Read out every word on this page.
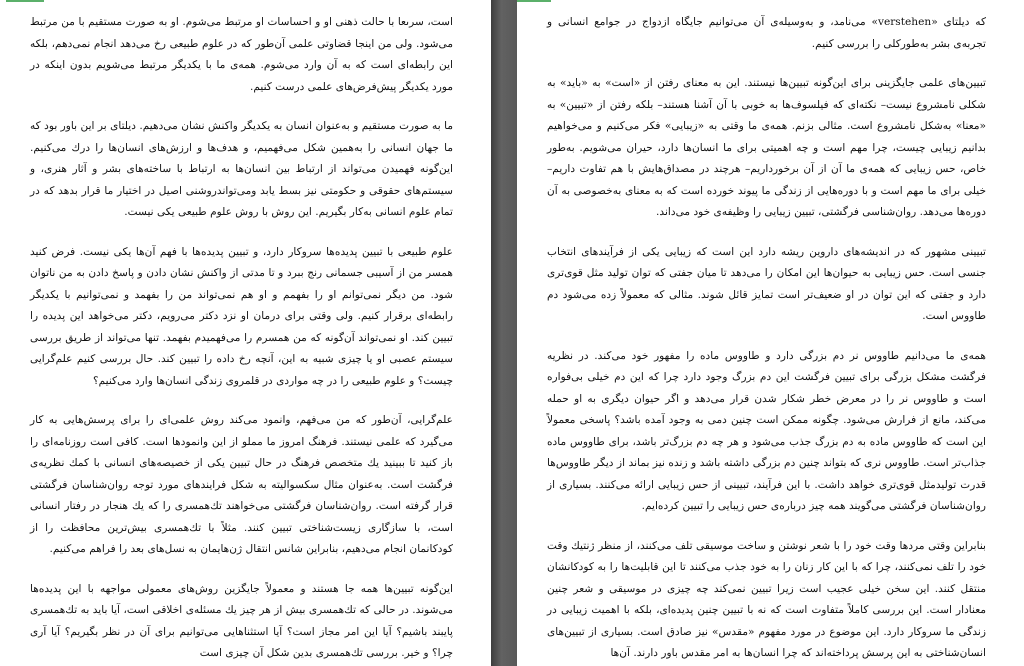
است، سرىعا با حالت ذهنى او و احساسات او مرتبط مى‌شوم. او به صورت مستقيم با من مرتبط مى‌شود. ولى من اينجا قضاوتى علمى آن‌طور كه در علوم طبيعى رخ مى‌دهد انجام نمى‌دهم، بلكه اين رابطه‌اى است كه به آن وارد مى‌شوم. همه‌ى ما با يكديگر مرتبط مى‌شويم بدون اينكه در مورد يكديگر پيش‌فرض‌هاى علمى درست كنيم.

ما به صورت مستقيم و به‌عنوان انسان به يكديگر واكنش نشان مى‌دهيم. دیلتای بر این باور بود كه ما جهان انسانى را به‌همين شكل مى‌فهميم، و هدف‌ها و ارزش‌هاى انسان‌ها را درك مى‌كنيم. اين‌گونه فهميدن مى‌تواند از ارتباط بين انسان‌ها به ارتباط با ساخته‌هاى بشر و آثار هنرى، و سيستم‌هاى حقوقى و حكومتى نيز بسط يابد ومى‌تواندروشنى اصيل در اختيار ما قرار بدهد كه در تمام علوم انسانى به‌كار بگيريم. اين روش با روش علوم طبيعى يكى نيست.

علوم طبيعى با تبيين پديده‌ها سروكار دارد، و تبيين پديده‌ها با فهم آن‌ها يكى نيست. فرض كنيد همسر من از آسيبى جسمانى رنج ببرد و تا مدتى از واكنش نشان دادن و پاسخ دادن به من ناتوان شود. من ديگر نمى‌توانم او را بفهمم و او هم نمى‌تواند من را بفهمد و نمى‌توانيم با يكديگر رابطه‌اى برقرار كنيم. ولى وقتى براى درمان او نزد دكتر مى‌رويم، دكتر مى‌خواهد اين پديده را تبيين كند. او نمى‌تواند آن‌گونه كه من همسرم را مى‌فهميدم بفهمد. تنها مى‌تواند از طريق بررسى سيستم عصبى او يا چيزى شبيه به اين، آنچه رخ داده را تبيين كند. حال بررسى كنيم علم‌گرايى چيست؟ و علوم طبيعى را در چه مواردى در قلمروى زندگى انسان‌ها وارد مى‌كنيم؟

علم‌گرايى، آن‌طور كه من مى‌فهم، وانمود مى‌كند روش علمى‌اى را براى پرسش‌هايى به كار مى‌گيرد كه علمى نيستند. فرهنگ امروز ما مملو از اين وانمودها است. كافى است روزنامه‌اى را باز كنيد تا ببينيد يك متخصص فرهنگ در حال تبيين يكى از خصيصه‌هاى انسانى با كمك نظريه‌ى فرگشت است. به‌عنوان مثال سكسواليته به شكل فرايندهاى مورد توجه روان‌شناسان فرگشتى قرار گرفته است. روان‌شناسان فرگشتى مى‌خواهند تك‌همسرى را كه يك هنجار در رفتار انسانى است، با سازگارى زيست‌شناختى تبيين كنند. مثلاً با تك‌همسرى بيش‌ترين محافظت را از كودكانمان انجام مى‌دهيم، بنابراين شانس انتقال ژن‌هايمان به نسل‌هاى بعد را فراهم مى‌كنيم.

اين‌گونه تبيين‌ها همه جا هستند و معمولاً جايگزين روش‌هاى معمولى مواجهه با اين پديده‌ها مى‌شوند. در حالى كه تك‌همسرى بيش از هر چيز يك مسئله‌ى اخلاقى است، آيا بايد به تك‌همسرى پايبند باشيم؟ آيا اين امر مجاز است؟ آيا استثناهايى مى‌توانيم براى آن در نظر بگيريم؟ آيا آرى چرا؟ و خير. بررسى تك‌همسرى بدين شكل آن چيزى است

كه دیلتای «verstehen» مى‌نامد، و به‌وسيله‌ى آن مى‌توانيم جايگاه ازدواج در جوامع انسانى و تجربه‌ى بشر به‌طوركلى را بررسى كنيم.

تبيين‌هاى علمى جايگزينى براى اين‌گونه تبيين‌ها نيستند. اين به معناى رفتن از «است» به «بايد» به شكلى نامشروع نيست– نكته‌اى كه فيلسوف‌ها به خوبى با آن آشنا هستند– بلكه رفتن از «تبيين» به «معنا» به‌شكل نامشروع است. مثالى بزنم. همه‌ى ما وقتى به «زيبايى» فكر مى‌كنيم و مى‌خواهيم بدانيم زيبايى چيست، چرا مهم است و چه اهميتى براى ما انسان‌ها دارد، حيران مى‌شويم. به‌طور خاص، حس زيبايى كه همه‌ى ما آن از آن برخورداريم– هرچند در مصداق‌هايش با هم تفاوت داريم– خيلى براى ما مهم است و با دوره‌هايى از زندگى ما پيوند خورده است كه به معناى به‌خصوصى به آن دوره‌ها مى‌دهد. روان‌شناسى فرگشتى، تبيين زيبايى را وظيفه‌ى خود مى‌داند.

تبيينى مشهور كه در انديشه‌هاى داروين ريشه دارد اين است كه زيبايى يكى از فرآيندهاى انتخاب جنسى است. حس زيبايى به حيوان‌ها اين امكان را مى‌دهد تا ميان جفتى كه توان توليد مثل قوى‌ترى دارد و جفتى كه اين توان در او ضعيف‌تر است تمايز قائل شوند. مثالى كه معمولاً زده مى‌شود دم طاووس است.

همه‌ى ما مى‌دانيم طاووس نر دم بزرگى دارد و طاووس ماده را مفهور خود مى‌كند. در نظريه فرگشت مشكل بزرگى براى تبيين فرگشت اين دم بزرگ وجود دارد چرا كه اين دم خيلى بى‌فواره است و طاووس نر را در معرض خطر شكار شدن قرار مى‌دهد و اگر حيوان ديگرى به او حمله مى‌كند، مانع از فرارش مى‌شود. چگونه ممكن است چنين دمى به وجود آمده باشد؟ پاسخى معمولاً اين است كه طاووس ماده به دم بزرگ جذب مى‌شود و هر چه دم بزرگ‌تر باشد، براى طاووس ماده جذاب‌تر است. طاووس نرى كه بتواند چنين دم بزرگى داشته باشد و زنده نيز بماند از ديگر طاووس‌ها قدرت توليدمثل قوى‌ترى خواهد داشت. با اين فرآيند، تبيينى از حس زيبايى ارائه مى‌كنند. بسيارى از روان‌شناسان فرگشتى مى‌گويند همه چيز درباره‌ى حس زيبايى را تبيين كرده‌ايم.

بنابراين وقتى مردها وقت خود را با شعر نوشتن و ساخت موسيقى تلف مى‌كنند، از منظر ژنتيك وقت خود را تلف نمى‌كنند، چرا كه با اين كار زنان را به خود جذب مى‌كنند تا اين قابليت‌ها را به كودكانشان منتقل كنند. اين سخن خيلى عجيب است زيرا تبيين نمى‌كند چه چيزى در موسيقى و شعر چنين معنادار است. اين بررسى كاملاً متفاوت است كه نه با تبيين چنين پديده‌اى، بلكه با اهميت زيبايى در زندگى ما سروكار دارد. اين موضوع در مورد مفهوم «مقدس» نيز صادق است. بسيارى از تبيين‌هاى انسان‌شناختى به اين پرسش پرداخته‌اند كه چرا انسان‌ها به امر مقدس باور دارند. آن‌ها
